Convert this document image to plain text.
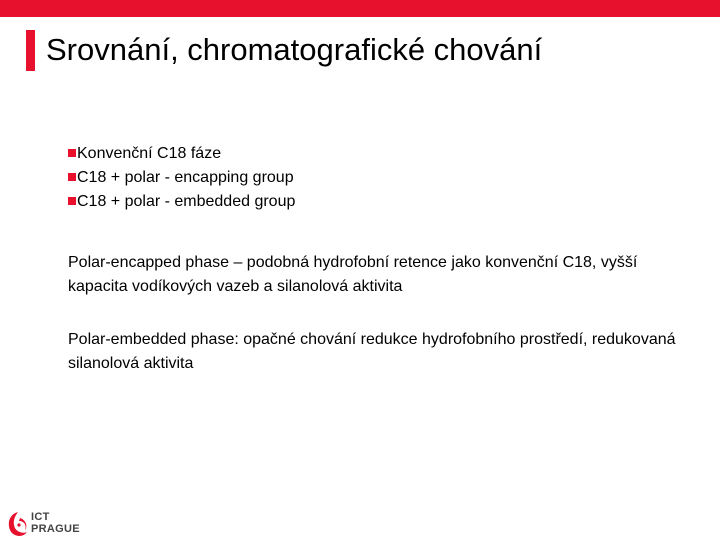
Srovnání, chromatografické chování
Konvenční C18 fáze
C18 + polar - encapping group
C18 + polar - embedded group
Polar-encapped phase – podobná hydrofobní retence jako konvenční C18, vyšší kapacita vodíkových vazeb a silanolová aktivita
Polar-embedded phase: opačné chování redukce hydrofobního prostředí, redukovaná silanolová aktivita
ICT
PRAGUE
